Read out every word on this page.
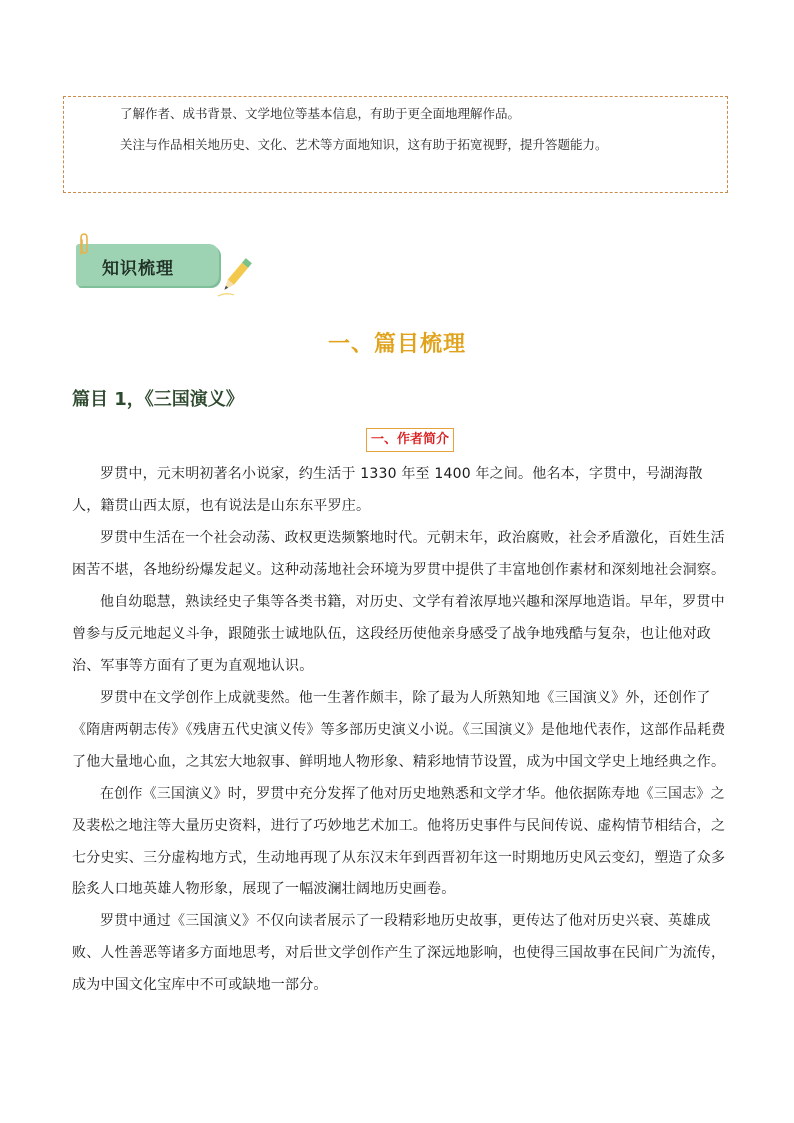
了解作者、成书背景、文学地位等基本信息，有助于更全面地理解作品。
关注与作品相关地历史、文化、艺术等方面地知识，这有助于拓宽视野，提升答题能力。
知识梳理
一、篇目梳理
篇目 1，《三国演义》
一、作者简介

罗贯中，元末明初著名小说家，约生活于 1330 年至 1400 年之间。他名本，字贯中，号湖海散人，籍贯山西太原，也有说法是山东东平罗庄。

罗贯中生活在一个社会动荡、政权更迭频繁地时代。元朝末年，政治腐败，社会矛盾激化，百姓生活困苦不堪，各地纷纷爆发起义。这种动荡地社会环境为罗贯中提供了丰富地创作素材和深刻地社会洞察。

他自幼聪慧，熟读经史子集等各类书籍，对历史、文学有着浓厚地兴趣和深厚地造诣。早年，罗贯中曾参与反元地起义斗争，跟随张士诚地队伍，这段经历使他亲身感受了战争地残酷与复杂，也让他对政治、军事等方面有了更为直观地认识。

罗贯中在文学创作上成就斐然。他一生著作颇丰，除了最为人所熟知地《三国演义》外，还创作了《隋唐两朝志传》《残唐五代史演义传》等多部历史演义小说。《三国演义》是他地代表作，这部作品耗费了他大量地心血，之其宏大地叙事、鲜明地人物形象、精彩地情节设置，成为中国文学史上地经典之作。

在创作《三国演义》时，罗贯中充分发挥了他对历史地熟悉和文学才华。他依据陈寿地《三国志》之及裴松之地注等大量历史资料，进行了巧妙地艺术加工。他将历史事件与民间传说、虚构情节相结合，之七分史实、三分虚构地方式，生动地再现了从东汉末年到西晋初年这一时期地历史风云变幻，塑造了众多脍炙人口地英雄人物形象，展现了一幅波澜壮阔地历史画卷。

罗贯中通过《三国演义》不仅向读者展示了一段精彩地历史故事，更传达了他对历史兴衰、英雄成败、人性善恶等诸多方面地思考，对后世文学创作产生了深远地影响，也使得三国故事在民间广为流传，成为中国文化宝库中不可或缺地一部分。
